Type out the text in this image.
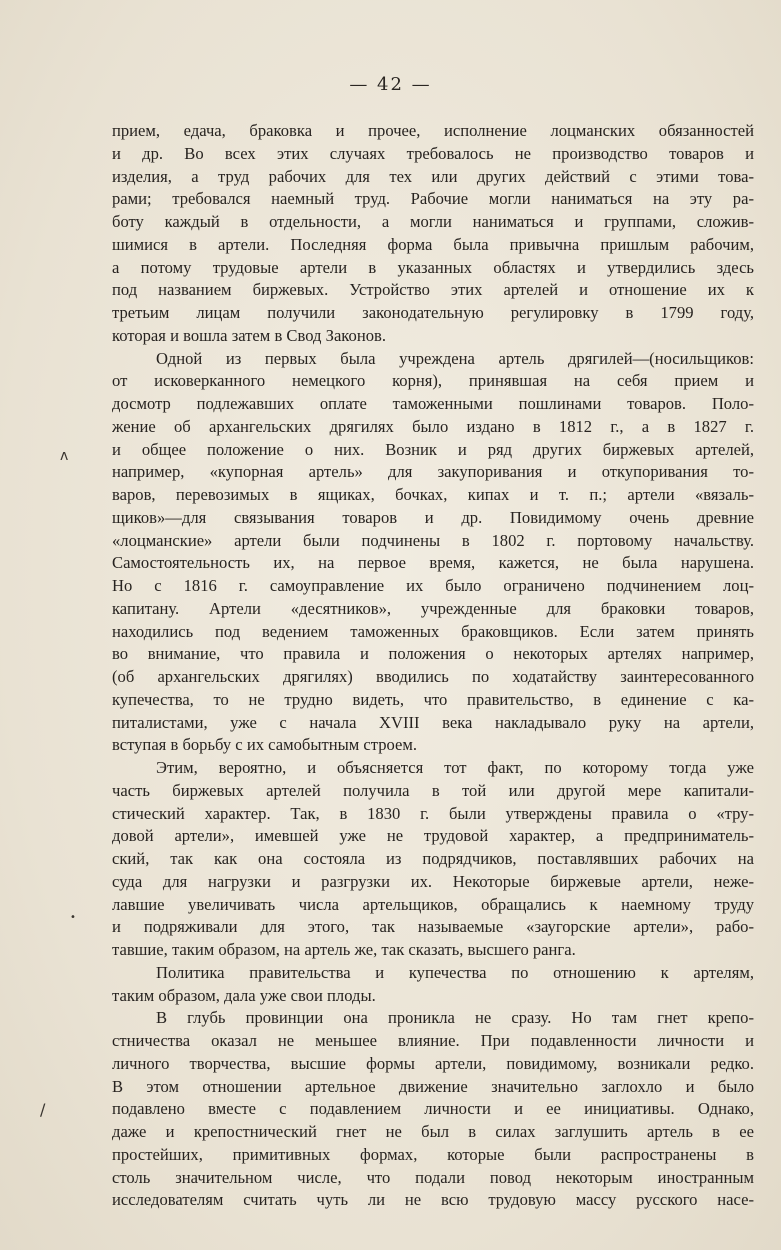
— 42 —
прием, едача, браковка и прочее, исполнение лоцманских обязанностей
и др. Во всех этих случаях требовалось не производство товаров и
изделия, а труд рабочих для тех или других действий с этими това-
рами; требовался наемный труд. Рабочие могли наниматься на эту ра-
боту каждый в отдельности, а могли наниматься и группами, сложив-
шимися в артели. Последняя форма была привычна пришлым рабочим,
а потому трудовые артели в указанных областях и утвердились здесь
под названием биржевых. Устройство этих артелей и отношение их к
третьим лицам получили законодательную регулировку в 1799 году,
которая и вошла затем в Свод Законов.
Одной из первых была учреждена артель дрягилей—(носильщиков:
от исковерканного немецкого корня), принявшая на себя прием и
досмотр подлежавших оплате таможенными пошлинами товаров. Поло-
жение об архангельских дрягилях было издано в 1812 г., а в 1827 г.
и общее положение о них. Возник и ряд других биржевых артелей,
например, «купорная артель» для закупоривания и откупоривания то-
варов, перевозимых в ящиках, бочках, кипах и т. п.; артели «вязаль-
щиков»—для связывания товаров и др. Повидимому очень древние
«лоцманские» артели были подчинены в 1802 г. портовому начальству.
Самостоятельность их, на первое время, кажется, не была нарушена.
Но с 1816 г. самоуправление их было ограничено подчинением лоц-
капитану. Артели «десятников», учрежденные для браковки товаров,
находились под ведением таможенных браковщиков. Если затем принять
во внимание, что правила и положения о некоторых артелях например,
(об архангельских дрягилях) вводились по ходатайству заинтересованного
купечества, то не трудно видеть, что правительство, в единение с ка-
питалистами, уже с начала XVIII века накладывало руку на артели,
вступая в борьбу с их самобытным строем.
Этим, вероятно, и объясняется тот факт, по которому тогда уже
часть биржевых артелей получила в той или другой мере капитали-
стический характер. Так, в 1830 г. были утверждены правила о «тру-
довой артели», имевшей уже не трудовой характер, а предприниматель-
ский, так как она состояла из подрядчиков, поставлявших рабочих на
суда для нагрузки и разгрузки их. Некоторые биржевые артели, неже-
лавшие увеличивать числа артельщиков, обращались к наемному труду
и подряживали для этого, так называемые «заугорские артели», рабо-
тавшие, таким образом, на артель же, так сказать, высшего ранга.
Политика правительства и купечества по отношению к артелям,
таким образом, дала уже свои плоды.
В глубь провинции она проникла не сразу. Но там гнет крепо-
стничества оказал не меньшее влияние. При подавленности личности и
личного творчества, высшие формы артели, повидимому, возникали редко.
В этом отношении артельное движение значительно заглохло и было
подавлено вместе с подавлением личности и ее инициативы. Однако,
даже и крепостнический гнет не был в силах заглушить артель в ее
простейших, примитивных формах, которые были распространены в
столь значительном числе, что подали повод некоторым иностранным
исследователям считать чуть ли не всю трудовую массу русского насе-
ʌ
•
/
